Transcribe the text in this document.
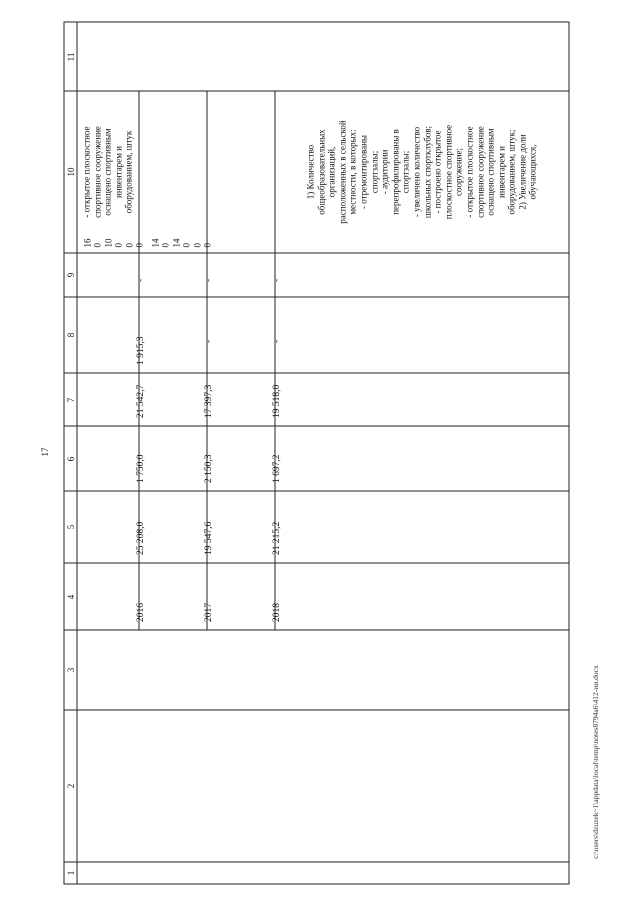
17
1
2
3
4
5
6
7
8
9
10
11
- открытое плоскостное
спортивное сооружение
оснащено спортивным
инвентарем и
оборудованием, штук
2016
25 208,0
1 750,0
21 542,7
1 915,3
-
16
0
10
0
0
0
2017
19 547,6
2 150,3
17 397,3
-
-
14
0
14
0
0
0
2018
21 215,2
1 697,2
19 518,0
-
-
1) Количество
общеобразовательных
организаций,
расположенных в сельской
местности, в которых:
- отремонтированы
спортзалы;
- аудитории
перепрофилированы в
спортзалы;
- увеличено количество
школьных спортклубов;
- построено открытое
плоскостное спортивное
сооружение;
- открытое плоскостное
спортивное сооружение
оснащено спортивным
инвентарем и
оборудованием, штук;
2) Увеличение доли
обучающихся,
c:\users\dzuzek~1\appdata\local\temp\notes8794a6\412-ии.docx
